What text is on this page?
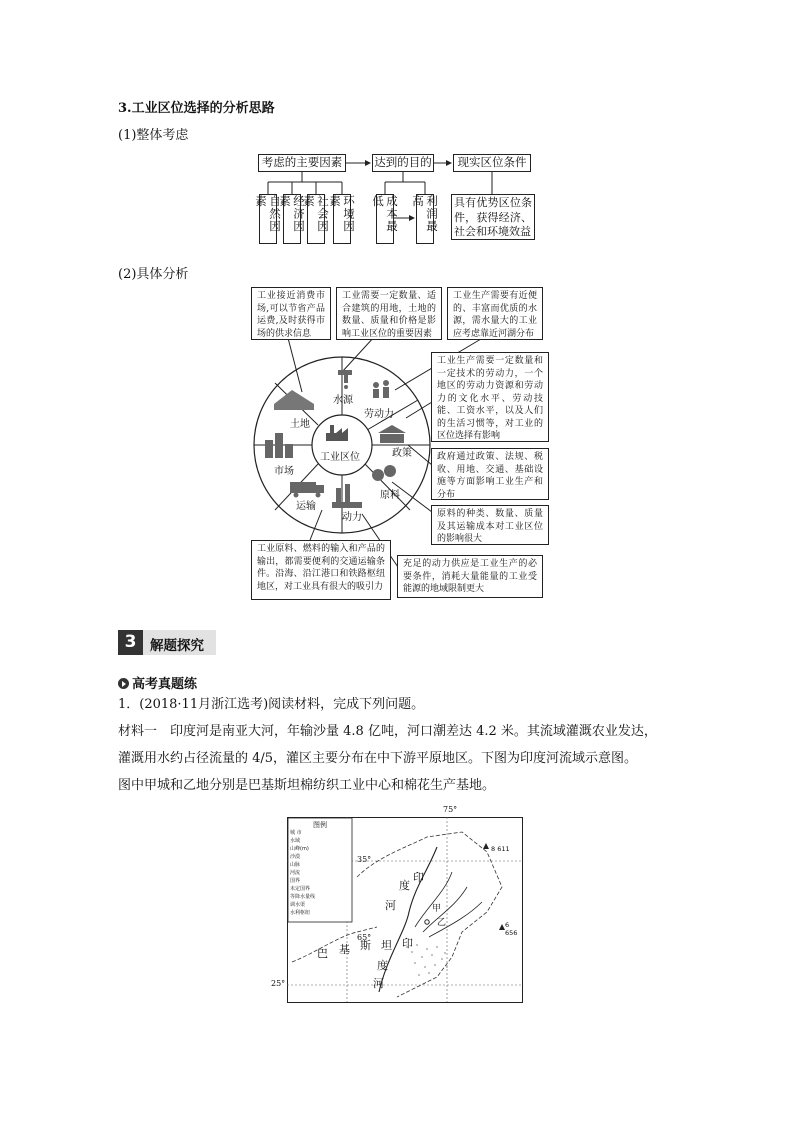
3.工业区位选择的分析思路
(1)整体考虑
考虑的主要因素	达到的目的	现实区位条件
自然因素	经济因素	社会因素	环境因素	成本最低	利润最高	具有优势区位条件，获得经济、社会和环境效益
(2)具体分析
水源
劳动力
政策
原料
动力
运输
市场
土地
工业区位
工业接近消费市场,可以节省产品运费,及时获得市场的供求信息
工业需要一定数量、适合建筑的用地，土地的数量、质量和价格是影响工业区位的重要因素
工业生产需要有近便的、丰富而优质的水源，需水量大的工业应考虑靠近河湖分布
工业生产需要一定数量和一定技术的劳动力，一个地区的劳动力资源和劳动力的文化水平、劳动技能、工资水平，以及人们的生活习惯等，对工业的区位选择有影响
政府通过政策、法规、税收、用地、交通、基础设施等方面影响工业生产和分布
原料的种类、数量、质量及其运输成本对工业区位的影响很大
充足的动力供应是工业生产的必要条件，消耗大量能量的工业受能源的地域限制更大
工业原料、燃料的输入和产品的输出，都需要便利的交通运输条件。沿海、沿江港口和铁路枢纽地区，对工业具有很大的吸引力
3	解题探究
高考真题练
1．(2018·11月浙江选考)阅读材料，完成下列问题。
材料一　印度河是南亚大河，年输沙量 4.8 亿吨，河口潮差达 4.2 米。其流域灌溉农业发达，
灌溉用水约占径流量的 4/5，灌区主要分布在中下游平原地区。下图为印度河流域示意图。
图中甲城和乙地分别是巴基斯坦棉纺织工业中心和棉花生产基地。
图例
城 市
水域
山峰(m)
沙漠
山脉
河流
国界
未定国界
等降水量线
调水渠
水利枢纽
75°
65°
35°
25°
8 611
6 656
印
度
河
巴 基 斯 坦 印
度
河
甲
乙
